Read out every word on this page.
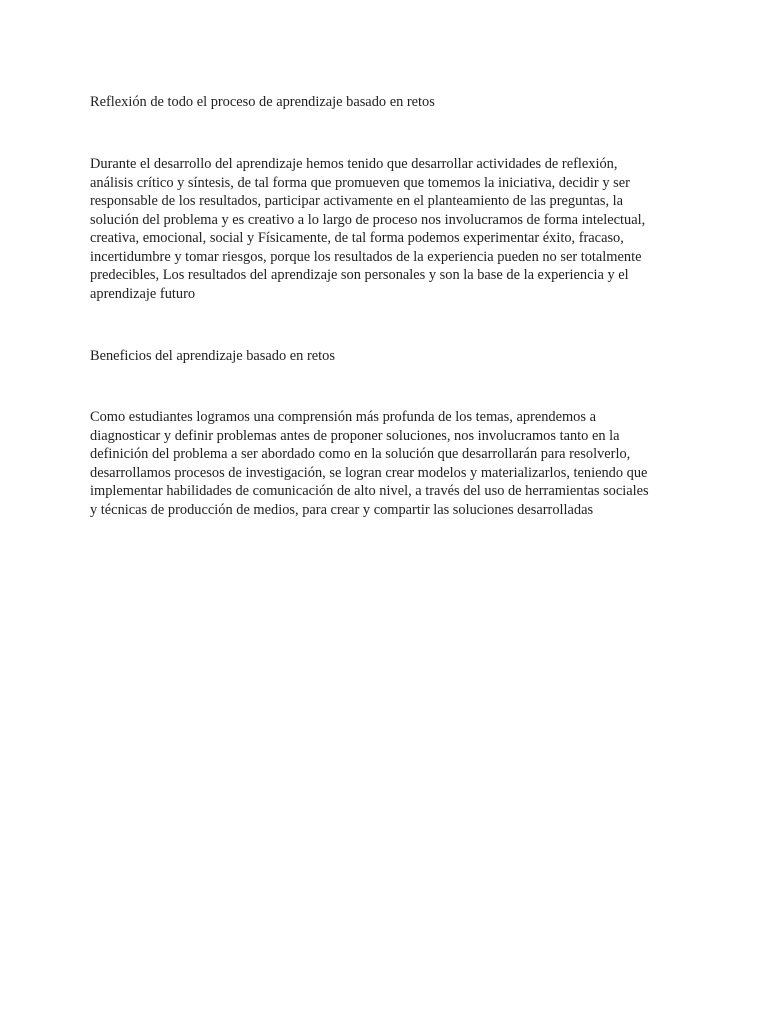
Reflexión de todo el proceso de aprendizaje basado en retos

Durante el desarrollo del aprendizaje hemos tenido que desarrollar actividades de reflexión,
análisis crítico y síntesis, de tal forma que promueven que tomemos la iniciativa, decidir y ser
responsable de los resultados, participar activamente en el planteamiento de las preguntas, la
solución del problema y es creativo a lo largo de proceso nos involucramos de forma intelectual,
creativa, emocional, social y Físicamente, de tal forma podemos experimentar éxito, fracaso,
incertidumbre y tomar riesgos, porque los resultados de la experiencia pueden no ser totalmente
predecibles, Los resultados del aprendizaje son personales y son la base de la experiencia y el
aprendizaje futuro

Beneficios del aprendizaje basado en retos

Como estudiantes logramos una comprensión más profunda de los temas, aprendemos a
diagnosticar y definir problemas antes de proponer soluciones, nos involucramos tanto en la
definición del problema a ser abordado como en la solución que desarrollarán para resolverlo,
desarrollamos procesos de investigación, se logran crear modelos y materializarlos, teniendo que
implementar habilidades de comunicación de alto nivel, a través del uso de herramientas sociales
y técnicas de producción de medios, para crear y compartir las soluciones desarrolladas
